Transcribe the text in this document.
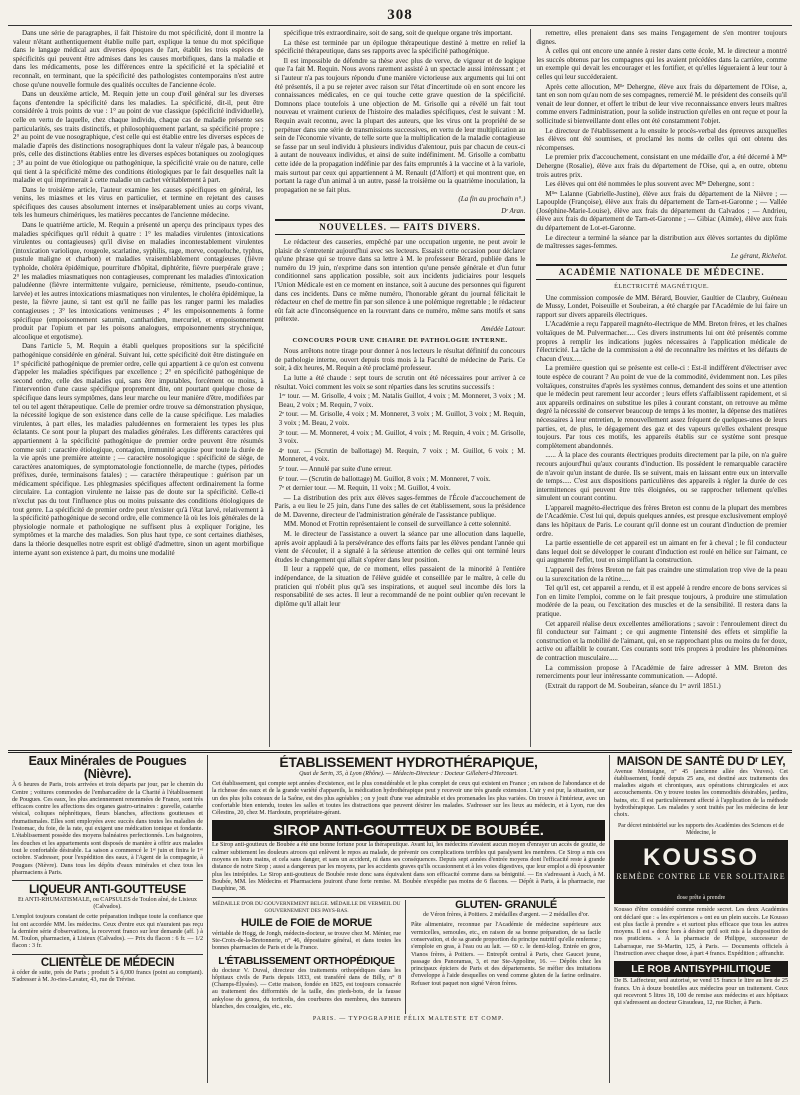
308

Dans une série de paragraphes, il fait l'histoire du mot spécificité, dont il montre la valeur n'étant authentiquement établie nulle part, explique la tenue du mot spécifique dans le langage médical aux diverses époques de l'art, établit les trois espèces de spécificités qui peuvent être admises dans les causes morbifiques, dans la maladie et dans les médicaments, pose les différences entre la spécificité et la spécialité et reconnaît, en terminant, que la spécificité des pathologistes contemporains n'est autre chose qu'une nouvelle formule des qualités occultes de l'ancienne école.

Dans un deuxième article, M. Requin jette un coup d'œil général sur les diverses façons d'entendre la spécificité dans les maladies. La spécificité, dit-il, peut être considérée à trois points de vue : 1° au point de vue classique (spécificité individuelle), celle en vertu de laquelle, chez chaque individu, chaque cas de maladie présente ses particularités, ses traits distinctifs, et philosophiquement parlant, sa spécificité propre ; 2° au point de vue nosographique, c'est celle qui est établie entre les diverses espèces de maladie d'après des distinctions nosographiques dont la valeur n'égale pas, à beaucoup près, celle des distinctions établies entre les diverses espèces botaniques ou zoologiques ; 3° au point de vue étiologique ou pathogénique, la spécificité vraie ou de nature, celle qui tient à la spécificité même des conditions étiologiques par le fait desquelles naît la maladie et qui imprimerait à cette maladie un cachet véritablement à part.

Dans le troisième article, l'auteur examine les causes spécifiques en général, les venins, les miasmes et les virus en particulier, et termine en rejetant des causes spécifiques des causes absolument internes et inséparablement unies au corps vivant, tels les humeurs chimériques, les matières peccantes de l'ancienne médecine.

Dans le quatrième article, M. Requin a présenté un aperçu des principaux types des maladies spécifiques qu'il réduit à quatre : 1° les maladies virulentes (intoxications virulentes ou contagieuses) qu'il divise en maladies incontestablement virulentes (intoxication variolique, rougeole, scarlatine, syphilis, rage, morve, coqueluche, typhus, pustule maligne et charbon) et maladies vraisemblablement contagieuses (fièvre typhoïde, choléra épidémique, pourriture d'hôpital, diphtérite, fièvre puerpérale grave ; 2° les maladies miasmatiques non contagieuses, comprenant les maladies d'intoxication paludéenne (fièvre intermittente vulgaire, pernicieuse, rémittente, pseudo-continue, larvée) et les autres intoxications miasmatiques non virulentes, le choléra épidémique, la peste, la fièvre jaune, si tant est qu'il ne faille pas les ranger parmi les maladies contagieuses ; 3° les intoxications venimeuses ; 4° les empoisonnements à forme spécifique (empoisonnement saturnin, cantharidien, mercuriel, et empoisonnement produit par l'opium et par les poisons analogues, empoisonnements strychnique, alcoolique et ergotisme).

Dans l'article 5, M. Requin a établi quelques propositions sur la spécificité pathogénique considérée en général. Suivant lui, cette spécificité doit être distinguée en 1° spécificité pathogénique de premier ordre, celle qui appartient à ce qu'on est convenu d'appeler les maladies spécifiques par excellence ; 2° en spécificité pathogénique de second ordre, celle des maladies qui, sans être imputables, forcément ou moins, à l'intervention d'une cause spécifique proprement dite, ont pourtant quelque chose de spécifique dans leurs symptômes, dans leur marche ou leur manière d'être, modifiées par tel ou tel agent thérapeutique. Celle de premier ordre trouve sa démonstration physique, la nécessité logique de son existence dans celle de la cause spécifique. Les maladies virulentes, à part elles, les maladies paludéennes en formeraient les types les plus éclatants. Ce sont pour la plupart des maladies générales. Les différents caractères qui appartiennent à la spécificité pathogénique de premier ordre peuvent être résumés comme suit : caractère étiologique, contagion, immunité acquise pour toute la durée de la vie après une première atteinte ; — caractère nosologique : spécificité de siège, de caractères anatomiques, de symptomatologie fonctionnelle, de marche (types, périodes préfixes, durée, terminaisons fatales) ; — caractère thérapeutique : guérison par un médicament spécifique. Les phlegmasies spécifiques affectent ordinairement la forme circulaire. La contagion virulente ne laisse pas de doute sur la spécificité. Celle-ci n'exclut pas du tout l'influence plus ou moins puissante des conditions étiologiques de tout genre. La spécificité de premier ordre peut n'exister qu'à l'état larvé, relativement à la spécificité pathogénique de second ordre, elle commence là où les lois générales de la physiologie normale et pathologique ne suffisent plus à expliquer l'origine, les symptômes et la marche des maladies. Son plus haut type, ce sont certaines diathèses, dans la théorie desquelles notre esprit est obligé d'admettre, sinon un agent morbifique interne ayant son existence à part, du moins une modalité

spécifique très extraordinaire, soit de sang, soit de quelque organe très important.

La thèse est terminée par un épilogue thérapeutique destiné à mettre en relief la spécificité thérapeutique, dans ses rapports avec la spécificité pathogénique.

Il est impossible de défendre sa thèse avec plus de verve, de vigueur et de logique que l'a fait M. Requin. Nous avons rarement assisté à un spectacle aussi intéressant ; et si l'auteur n'a pas toujours répondu d'une manière victorieuse aux arguments qui lui ont été présentés, il a pu se rejeter avec raison sur l'état d'incertitude où en sont encore les connaissances médicales, en ce qui touche cette grave question de la spécificité. Domnons place toutefois à une objection de M. Grisolle qui a révélé un fait tout nouveau et vraiment curieux de l'histoire des maladies spécifiques, c'est le suivant : M. Requin avait reconnu, avec la plupart des auteurs, que les virus ont la propriété de se perpétuer dans une série de transmissions successives, en vertu de leur multiplication au sein de l'économie vivante, de telle sorte que la multiplication de la maladie contagieuse se fasse par un seul individu à plusieurs individus d'alentour, puis par chacun de ceux-ci à autant de nouveaux individus, et ainsi de suite indéfiniment. M. Grisolle a combattu cette idée de la propagation indéfinie par des faits empruntés à la vaccine et à la variole, mais surtout par ceux qui appartiennent à M. Renault (d'Alfort) et qui montrent que, en portant la rage d'un animal à un autre, passé la troisième ou la quatrième inoculation, la propagation ne se fait plus.

(La fin au prochain n°.)
Dʳ Aran.
NOUVELLES. — FAITS DIVERS.

Le rédacteur des causeries, empêché par une occupation urgente, ne peut avoir le plaisir de s'entretenir aujourd'hui avec ses lecteurs. Essaisit cette occasion pour déclarer qu'une phrase qui se trouve dans sa lettre à M. le professeur Bérard, publiée dans le numéro du 19 juin, n'exprime dans son intention qu'une pensée générale et d'un futur conditionnel sans application possible, soit aux incidents judiciaires pour lesquels l'Union Médicale est en ce moment en instance, soit à aucune des personnes qui figurent dans ces incidents. Dans ce même numéro, l'honorable gérant du journal félicitait le rédacteur en chef de mettre fin par son silence à une polémique regrettable ; le rédacteur eût fait acte d'inconséquence en la rouvrant dans ce numéro, même sans motifs et sans prétexte.

Amédée Latour.
CONCOURS POUR UNE CHAIRE DE PATHOLOGIE INTERNE.

Nous arrêtons notre tirage pour donner à nos lecteurs le résultat définitif du concours de pathologie interne, ouvert depuis trois mois à la Faculté de médecine de Paris. Ce soir, à dix heures, M. Requin a été proclamé professeur.

La lutte a été chaude : sept tours de scrutin ont été nécessaires pour arriver à ce résultat. Voici comment les voix se sont réparties dans les scrutins successifs :

1ᵉʳ tour. — M. Grisolle, 4 voix ; M. Natalis Guillot, 4 voix ; M. Monneret, 3 voix ; M. Beau, 2 voix ; M. Requin, 7 voix.

2ᵉ tour. — M. Grisolle, 4 voix ; M. Monneret, 3 voix ; M. Guillot, 3 voix ; M. Requin, 3 voix ; M. Beau, 2 voix.

3ᵉ tour. — M. Monneret, 4 voix ; M. Guillot, 4 voix ; M. Requin, 4 voix ; M. Grisolle, 3 voix.

4ᵉ tour. — (Scrutin de ballottage) M. Requin, 7 voix ; M. Guillot, 6 voix ; M. Monneret, 4 voix.

5ᵉ tour. — Annulé par suite d'une erreur.

6ᵉ tour. — (Scrutin de ballottage) M. Guillot, 8 voix ; M. Monneret, 7 voix.

7ᵉ et dernier tour. — M. Requin, 11 voix ; M. Guillot, 4 voix.

— La distribution des prix aux élèves sages-femmes de l'École d'accouchement de Paris, a eu lieu le 25 juin, dans l'une des salles de cet établissement, sous la présidence de M. Davenne, directeur de l'administration générale de l'assistance publique.

MM. Monod et Frottin représentaient le conseil de surveillance à cette solennité.

M. le directeur de l'assistance a ouvert la séance par une allocution dans laquelle, après avoir applaudi à la persévérance des efforts faits par les élèves pendant l'année qui vient de s'écouler, il a signalé à la sérieuse attention de celles qui ont terminé leurs études le changement qui allait s'opérer dans leur position.

Il leur a rappelé que, de ce moment, elles passaient de la minorité à l'entière indépendance, de la situation de l'élève guidée et conseillée par le maître, à celle du praticien qui n'obéit plus qu'à ses inspirations, et auquel seul incombe dès lors la responsabilité de ses actes. Il leur a recommandé de ne point oublier qu'en recevant le diplôme qu'il allait leur

remettre, elles prenaient dans ses mains l'engagement de s'en montrer toujours dignes.

À celles qui ont encore une année à rester dans cette école, M. le directeur a montré les succès obtenus par les compagnes qui les avaient précédées dans la carrière, comme un exemple qui devait les encourager et les fortifier, et qu'elles légueraient à leur tour à celles qui leur succéderaient.

Après cette allocution, Mˡˡᵉ Dehergne, élève aux frais du département de l'Oise, a, tant en son nom qu'au nom de ses compagnes, remercié M. le président des conseils qu'il venait de leur donner, et offert le tribut de leur vive reconnaissance envers leurs maîtres comme envers l'administration, pour la solide instruction qu'elles en ont reçue et pour la sollicitude si bienveillante dont elles ont été constamment l'objet.

Le directeur de l'établissement a lu ensuite le procès-verbal des épreuves auxquelles les élèves ont été soumises, et proclamé les noms de celles qui ont obtenu des récompenses.

Le premier prix d'accouchement, consistant en une médaille d'or, a été décerné à Mˡˡᵉ Dehergne (Rosalie), élève aux frais du département de l'Oise, qui a, en outre, obtenu trois autres prix.

Les élèves qui ont été nommées le plus souvent avec Mˡˡᵉ Dehergne, sont :

Mˡˡᵉˢ Lalanne (Gabrielle-Justine), élève aux frais du département de la Nièvre ; — Lapouplde (Françoise), élève aux frais du département de Tarn-et-Garonne ; — Vallée (Joséphine-Marie-Louise), élève aux frais du département du Calvados ; — Andrieu, élève aux frais du département de Tarn-et-Garonne ; — Gibiac (Aimée), élève aux frais du département de Lot-et-Garonne.

Le directeur a terminé la séance par la distribution aux élèves sortantes du diplôme de maîtresses sages-femmes.

Le gérant, Richelot.
ACADÉMIE NATIONALE DE MÉDECINE.
ÉLECTRICITÉ MAGNÉTIQUE.

Une commission composée de MM. Bérard, Bouvier, Gaultier de Claubry, Guéneau de Mussy, Londet, Poiseuille et Soubeiran, a été chargée par l'Académie de lui faire un rapport sur divers appareils électriques.

L'Académie a reçu l'appareil magnéto-électrique de MM. Breton frères, et les chaînes voltaïques de M. Pulvermacher..... Ces divers instruments lui ont été présentés comme propres à remplir les indications jugées nécessaires à l'application médicale de l'électricité. La tâche de la commission a été de reconnaître les mérites et les défauts de chacun d'eux.....

La première question qui se présente est celle-ci : Est-il indifférent d'électriser avec toute espèce de courant ? Au point de vue de la commodité, évidemment non. Les piles voltaïques, construites d'après les systèmes connus, demandent des soins et une attention que le médecin peut rarement leur accorder ; leurs effets s'affaiblissent rapidement, et si aux appareils ordinaires on substitue les piles à courant constant, on retrouve au même degré la nécessité de conserver beaucoup de temps à les monter, la dépense des matières nécessaires à leur entretien, le renouvellement assez fréquent de quelques-unes de leurs parties, et, de plus, le dégagement des gaz et des vapeurs qu'elles exhalent presque toujours. Par tous ces motifs, les appareils établis sur ce système sont presque complètement abandonnés.

...... À la place des courants électriques produits directement par la pile, on n'a guère recours aujourd'hui qu'aux courants d'induction. Ils possèdent le remarquable caractère de n'avoir qu'un instant de durée. Ils se suivent, mais en laissant entre eux un intervalle de temps..... C'est aux dispositions particulières des appareils à régler la durée de ces intermittences qui peuvent être très éloignées, ou se rapprocher tellement qu'elles simulent un courant continu.

L'appareil magnéto-électrique des frères Breton est connu de la plupart des membres de l'Académie. C'est lui qui, depuis quelques années, est presque exclusivement employé dans les hôpitaux de Paris. Le courant qu'il donne est un courant d'induction de premier ordre.

La partie essentielle de cet appareil est un aimant en fer à cheval ; le fil conducteur dans lequel doit se développer le courant d'induction est roulé en hélice sur l'aimant, ce qui augmente l'effet, tout en simplifiant la construction.

L'appareil des frères Breton ne fait pas craindre une stimulation trop vive de la peau ou la surexcitation de la rétine.....

Tel qu'il est, cet appareil a rendu, et il est appelé à rendre encore de bons services si l'on en limite l'emploi, comme on le fait presque toujours, à produire une stimulation modérée de la peau, ou l'excitation des muscles et de la sensibilité. Il restera dans la pratique.

Cet appareil réalise deux excellentes améliorations ; savoir : l'enroulement direct du fil conducteur sur l'aimant ; ce qui augmente l'intensité des effets et simplifie la construction et la mobilité de l'aimant, qui, en se rapprochant plus ou moins du fer doux, active ou affaiblit le courant. Ces courants sont très propres à produire les phénomènes de contraction musculaire.....

La commission propose à l'Académie de faire adresser à MM. Breton des remerciments pour leur intéressante communication. — Adopté.

(Extrait du rapport de M. Soubeiran, séance du 1ᵉʳ avril 1851.)

Eaux Minérales de Pougues (Nièvre).
À 6 heures de Paris, trois arrivées et trois départs par jour, par le chemin du Centre ; voitures commodes de l'embarcadère de la Charité à l'établissement de Pougues. Ces eaux, les plus anciennement renommées de France, sont très efficaces contre les affections des organes gastro-urinaires : gravelle, catarrhe vésical, coliques néphrétiques, fleurs blanches, affections goutteuses et rhumatismales. Elles sont employées avec succès dans toutes les maladies de l'estomac, du foie, de la rate, qui exigent une médication tonique et fondante. L'établissement possède des moyens balnéaires perfectionnés. Les baignoires, les douches et les appartements sont disposés de manière à offrir aux malades tout le confortable désirable. La saison a commencé le 1ᵉʳ juin et finira le 1ᵉʳ octobre. S'adresser, pour l'expédition des eaux, à l'Agent de la compagnie, à Pougues (Nièvre). Dans tous les dépôts d'eaux minérales et chez tous les pharmaciens à Paris.
LIQUEUR ANTI-GOUTTEUSE
Et ANTI-RHUMATISMALE, ou CAPSULES de Toulon aîné, de Lisieux (Calvados).
L'emploi toujours constant de cette préparation indique toute la confiance que lui ont accordée MM. les médecins. Ceux d'entre eux qui n'auraient pas reçu la dernière série d'observations, la recevront franco sur leur demande (aff. ) à M. Toulon, pharmacien, à Lisieux (Calvados). — Prix du flacon : 6 fr. — 1/2 flacon : 3 fr.
CLIENTÈLE DE MÉDECIN
à céder de suite, près de Paris ; produit 5 à 6,000 francs (point au comptant). S'adresser à M. Jo-ries-Lavater, 43, rue de Trévise.
ÉTABLISSEMENT HYDROTHÉRAPIQUE,
Quai de Serin, 35, à Lyon (Rhône). — Médecin-Directeur : Docteur Gillebert-d'Hercourt.
Cet établissement, qui compte sept années d'existence, est le plus considérable et le plus complet de ceux qui existent en France ; en raison de l'abondance et de la richesse des eaux et de la grande variété d'appareils, la médication hydrothérapique peut y recevoir une très grande extension. L'air y est pur, la situation, sur un des plus jolis coteaux de la Saône, est des plus agréables ; on y jouit d'une vue admirable et des promenades les plus variées. On trouve à l'intérieur, avec un confortable bien entendu, toutes les salles et toutes les distractions que peuvent désirer les malades. S'adresser sur les lieux au médecin, et à Lyon, rue des Célestins, 20, chez M. Hardouin, propriétaire-gérant.
SIROP ANTI-GOUTTEUX DE BOUBÉE.
Le Sirop anti-goutteux de Boubée a été une bonne fortune pour la thérapeutique. Avant lui, les médecins n'avaient aucun moyen d'enrayer un accès de goutte, de calmer subitement les douleurs atroces qui enlèvent le repos au malade, de prévenir ces complications terribles qui paralysent les membres. Ce Sirop a mis ces moyens en leurs mains, et cela sans danger, et sans un accident, ni dans ses conséquences. Depuis sept années d'entrée moyens dont l'efficacité reste à grande distance de notre Sirop ; aussi a dangereux par les moyens, par les accidents graves qu'ils occasionnent et à les voies digestives, que leur emploi a dû épouvanter plus les intrépides. Le Sirop anti-goutteux de Boubée reste donc sans équivalent dans son efficacité comme dans sa bénignité. — En s'adressant à Auch, à M. Boubée, MM. les Médecins et Pharmaciens jouiront d'une forte remise. M. Boubée n'expédie pas moins de 6 flacons. — Dépôt à Paris, à la pharmacie, rue Dauphine, 38.
MÉDAILLE D'OR DU GOUVERNEMENT BELGE. MÉDAILLE DE VERMEIL DU GOUVERNEMENT DES PAYS-BAS.
HUILE de FOIE de MORUE
véritable de Hogg, de Jongh, médecin-docteur, se trouve chez M. Ménier, rue Ste-Croix-de-la-Bretonnerie, n° 46, dépositaire général, et dans toutes les bonnes pharmacies de Paris et de la France.
L'ÉTABLISSEMENT ORTHOPÉDIQUE
du docteur V. Duval, directeur des traitements orthopédiques dans les hôpitaux civils de Paris depuis 1833, est transféré dans de Billy, n° 8 (Champs-Élysées). — Cette maison, fondée en 1825, est toujours consacrée au traitement des difformités de la taille, des pieds-bots, de la fausse ankylose du genou, du torticolis, des courbures des membres, des tumeurs blanches, des coxalgies, etc., etc.
GLUTEN- GRANULÉ
de Véron frères, à Poitiers. 2 médailles d'argent. — 2 médailles d'or.
Pâte alimentaire, reconnue par l'Académie de médecine supérieure aux vermicelles, semoules, etc., en raison de sa bonne préparation, de sa facile conservation, et de sa grande proportion du principe nutritif qu'elle renferme ; s'emploie en gras, à l'eau ou au lait. — 60 c. le demi-kilog. Entrée en gros, Vianos frères, à Poitiers. — Entrepôt central à Paris, chez Gaucet jeune, passage des Panoramas, 3, et rue Ste-Appoline, 16. — Dépôts chez les principaux épiciers de Paris et des départements. Se méfier des imitations d'enveloppe à l'aide desquelles on vend comme gluten de la farine ordinaire. Refuser tout paquet non signé Véron frères.
PARIS. — TYPOGRAPHIE FÉLIX MALTESTE ET COMP.
MAISON DE SANTÉ DU Dʳ LEY,
Avenue Montaigne, n° 45 (ancienne allée des Veuves). Cet établissement, fondé depuis 25 ans, est destiné aux traitements des maladies aiguës et chroniques, aux opérations chirurgicales et aux accouchements. On y trouve toutes les commodités désirables, jardins, bains, etc. Il est particulièrement affecté à l'application de la méthode hydrothérapique. Les malades y sont traités par les médecins de leur choix.
Par décret ministériel sur les rapports des Académies des Sciences et de Médecine, le
KOUSSO
REMÈDE CONTRE LE VER SOLITAIRE
dose prête à prendre
Kousso d'être considéré comme remède secret. Les deux Académies ont déclaré que : « les expériences » ont eu un plein succès. Le Kousso est plus facile à prendre » et surtout plus efficace que tous les autres moyens. Il est » donc hors à désirer qu'il soit mis à la disposition de nos praticiens. » À la pharmacie de Philippe, successeur de Labarraque, rue St-Martin, 125, à Paris. — Documents officiels à l'instruction avec chaque dose, à part 4 francs. Expédition ; affranchir.
LE ROB ANTISYPHILITIQUE
De B. Laffecteur, seul autorisé, se vend 15 francs le litre au lieu de 25 francs. Un à douze bouteilles aux médecins pour un traitement. Ceux qui recevront 5 litres 18, 100 de remise aux médecins et aux hôpitaux qui s'adressent au docteur Giraudeau, 12, rue Richer, à Paris.
